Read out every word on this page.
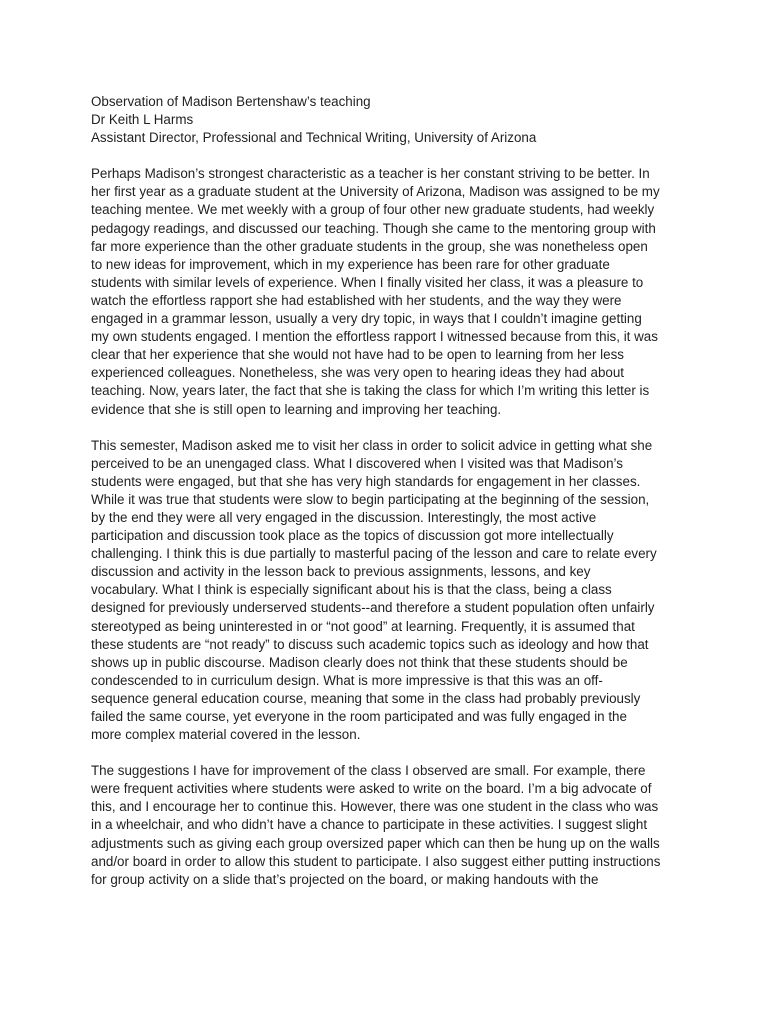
Observation of Madison Bertenshaw’s teaching
Dr Keith L Harms
Assistant Director, Professional and Technical Writing, University of Arizona
Perhaps Madison’s strongest characteristic as a teacher is her constant striving to be better. In
her first year as a graduate student at the University of Arizona, Madison was assigned to be my
teaching mentee. We met weekly with a group of four other new graduate students, had weekly
pedagogy readings, and discussed our teaching. Though she came to the mentoring group with
far more experience than the other graduate students in the group, she was nonetheless open
to new ideas for improvement, which in my experience has been rare for other graduate
students with similar levels of experience. When I finally visited her class, it was a pleasure to
watch the effortless rapport she had established with her students, and the way they were
engaged in a grammar lesson, usually a very dry topic, in ways that I couldn’t imagine getting
my own students engaged. I mention the effortless rapport I witnessed because from this, it was
clear that her experience that she would not have had to be open to learning from her less
experienced colleagues. Nonetheless, she was very open to hearing ideas they had about
teaching. Now, years later, the fact that she is taking the class for which I’m writing this letter is
evidence that she is still open to learning and improving her teaching.
This semester, Madison asked me to visit her class in order to solicit advice in getting what she
perceived to be an unengaged class. What I discovered when I visited was that Madison’s
students were engaged, but that she has very high standards for engagement in her classes.
While it was true that students were slow to begin participating at the beginning of the session,
by the end they were all very engaged in the discussion. Interestingly, the most active
participation and discussion took place as the topics of discussion got more intellectually
challenging. I think this is due partially to masterful pacing of the lesson and care to relate every
discussion and activity in the lesson back to previous assignments, lessons, and key
vocabulary. What I think is especially significant about his is that the class, being a class
designed for previously underserved students--and therefore a student population often unfairly
stereotyped as being uninterested in or “not good” at learning. Frequently, it is assumed that
these students are “not ready” to discuss such academic topics such as ideology and how that
shows up in public discourse. Madison clearly does not think that these students should be
condescended to in curriculum design. What is more impressive is that this was an off-
sequence general education course, meaning that some in the class had probably previously
failed the same course, yet everyone in the room participated and was fully engaged in the
more complex material covered in the lesson.
The suggestions I have for improvement of the class I observed are small. For example, there
were frequent activities where students were asked to write on the board. I’m a big advocate of
this, and I encourage her to continue this. However, there was one student in the class who was
in a wheelchair, and who didn’t have a chance to participate in these activities. I suggest slight
adjustments such as giving each group oversized paper which can then be hung up on the walls
and/or board in order to allow this student to participate. I also suggest either putting instructions
for group activity on a slide that’s projected on the board, or making handouts with the
